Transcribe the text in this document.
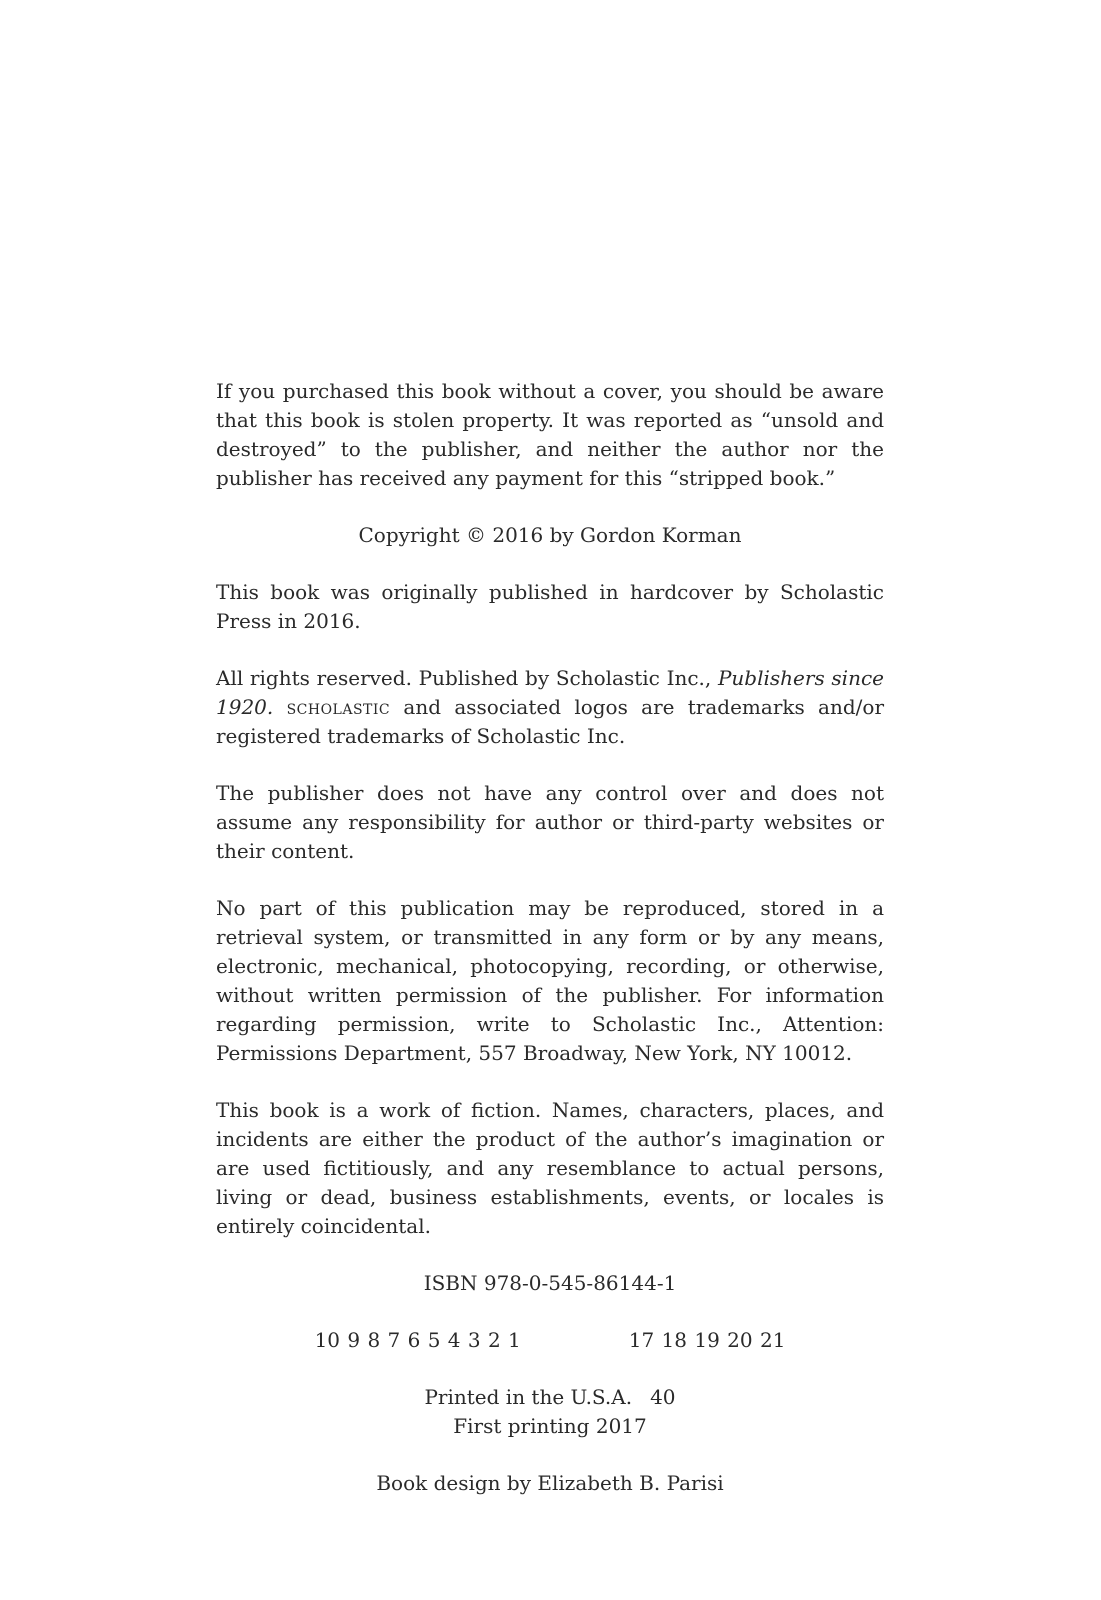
If you purchased this book without a cover, you should be aware that this book is stolen property. It was reported as “unsold and destroyed” to the publisher, and neither the author nor the publisher has received any payment for this “stripped book.”

Copyright © 2016 by Gordon Korman

This book was originally published in hardcover by Scholastic Press in 2016.

All rights reserved. Published by Scholastic Inc., Publishers since 1920. scholastic and associated logos are trademarks and/or registered trademarks of Scholastic Inc.

The publisher does not have any control over and does not assume any responsibility for author or third-party websites or their content.

No part of this publication may be reproduced, stored in a retrieval system, or transmitted in any form or by any means, electronic, mechanical, photocopying, recording, or otherwise, without written permission of the publisher. For information regarding permission, write to Scholastic Inc., Attention: Permissions Department, 557 Broadway, New York, NY 10012.

This book is a work of fiction. Names, characters, places, and incidents are either the product of the author’s imagination or are used fictitiously, and any resemblance to actual persons, living or dead, business establishments, events, or locales is entirely coincidental.

ISBN 978-0-545-86144-1

10 9 8 7 6 5 4 3 2 1	17 18 19 20 21

Printed in the U.S.A. 40

First printing 2017

Book design by Elizabeth B. Parisi
